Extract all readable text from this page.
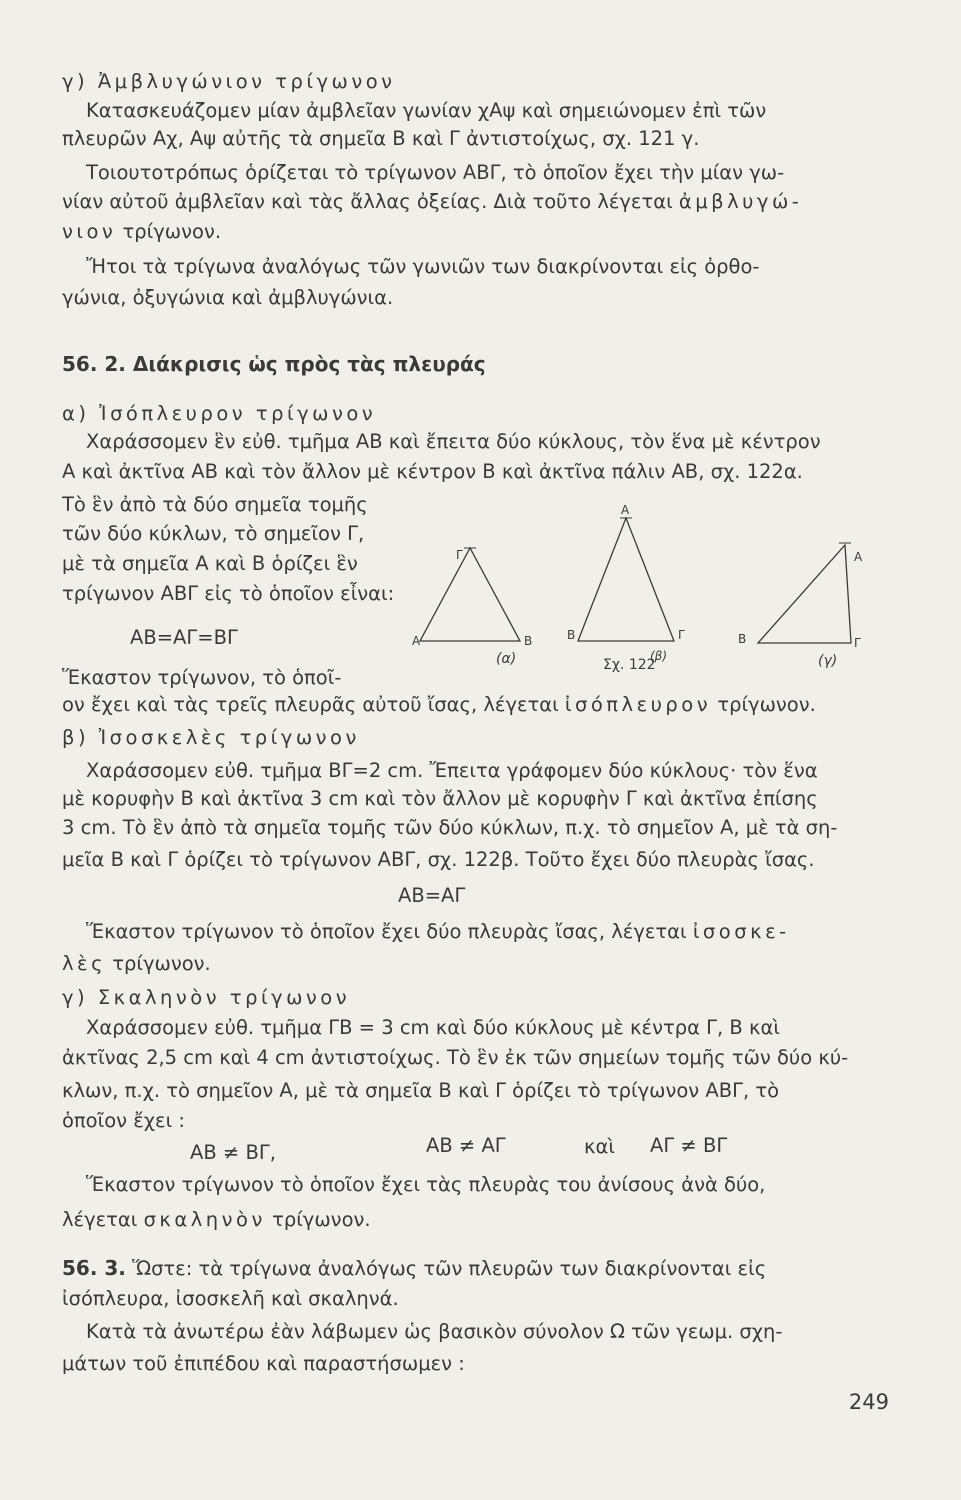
γ) Ἀμβλυγώνιον τρίγωνον
Κατασκευάζομεν μίαν ἀμβλεῖαν γωνίαν χΑψ καὶ σημειώνομεν ἐπὶ τῶν
πλευρῶν Αχ, Αψ αὐτῆς τὰ σημεῖα Β καὶ Γ ἀντιστοίχως, σχ. 121 γ.
Τοιουτοτρόπως ὁρίζεται τὸ τρίγωνον ΑΒΓ, τὸ ὁποῖον ἔχει τὴν μίαν γω-
νίαν αὐτοῦ ἀμβλεῖαν καὶ τὰς ἄλλας ὀξείας. Διὰ τοῦτο λέγεται ἀμβλυγώ-
νιον τρίγωνον.
Ἤτοι τὰ τρίγωνα ἀναλόγως τῶν γωνιῶν των διακρίνονται εἰς ὀρθο-
γώνια, ὀξυγώνια καὶ ἀμβλυγώνια.
56. 2. Διάκρισις ὡς πρὸς τὰς πλευράς
α) Ἰσόπλευρον τρίγωνον
Χαράσσομεν ἓν εὐθ. τμῆμα ΑΒ καὶ ἔπειτα δύο κύκλους, τὸν ἕνα μὲ κέντρον
Α καὶ ἀκτῖνα ΑΒ καὶ τὸν ἄλλον μὲ κέντρον Β καὶ ἀκτῖνα πάλιν ΑΒ, σχ. 122α.
Τὸ ἓν ἀπὸ τὰ δύο σημεῖα τομῆς
τῶν δύο κύκλων, τὸ σημεῖον Γ,
μὲ τὰ σημεῖα Α καὶ Β ὁρίζει ἓν
τρίγωνον ΑΒΓ εἰς τὸ ὁποῖον εἶναι:
ΑΒ=ΑΓ=ΒΓ
Ἕκαστον τρίγωνον, τὸ ὁποῖ-
ον ἔχει καὶ τὰς τρεῖς πλευρᾶς αὐτοῦ ἴσας, λέγεται ἰσόπλευρον τρίγωνον.
Α	Β
Γ
(α)
Α
Β	Γ
Σχ. 122
(β)
Α
Β	Γ
(γ)
β) Ἰσοσκελὲς τρίγωνον
Χαράσσομεν εὐθ. τμῆμα ΒΓ=2 cm. Ἔπειτα γράφομεν δύο κύκλους· τὸν ἕνα
μὲ κορυφὴν Β καὶ ἀκτῖνα 3 cm καὶ τὸν ἄλλον μὲ κορυφὴν Γ καὶ ἀκτῖνα ἐπίσης
3 cm. Τὸ ἓν ἀπὸ τὰ σημεῖα τομῆς τῶν δύο κύκλων, π.χ. τὸ σημεῖον Α, μὲ τὰ ση-
μεῖα Β καὶ Γ ὁρίζει τὸ τρίγωνον ΑΒΓ, σχ. 122β. Τοῦτο ἔχει δύο πλευρὰς ἴσας.
ΑΒ=ΑΓ
Ἕκαστον τρίγωνον τὸ ὁποῖον ἔχει δύο πλευρὰς ἴσας, λέγεται ἰσοσκε-
λὲς τρίγωνον.
γ) Σκαληνὸν τρίγωνον
Χαράσσομεν εὐθ. τμῆμα ΓΒ = 3 cm καὶ δύο κύκλους μὲ κέντρα Γ, Β καὶ
ἀκτῖνας 2,5 cm καὶ 4 cm ἀντιστοίχως. Τὸ ἓν ἐκ τῶν σημείων τομῆς τῶν δύο κύ-
κλων, π.χ. τὸ σημεῖον Α, μὲ τὰ σημεῖα Β καὶ Γ ὁρίζει τὸ τρίγωνον ΑΒΓ, τὸ
ὁποῖον ἔχει :
ΑΒ ≠ ΒΓ,	ΑΒ ≠ ΑΓ	καὶ ΑΓ ≠ ΒΓ
Ἕκαστον τρίγωνον τὸ ὁποῖον ἔχει τὰς πλευρὰς του ἀνίσους ἀνὰ δύο,
λέγεται σκαληνὸν τρίγωνον.
56. 3. Ὥστε: τὰ τρίγωνα ἀναλόγως τῶν πλευρῶν των διακρίνονται εἰς
ἰσόπλευρα, ἰσοσκελῆ καὶ σκαληνά.
Κατὰ τὰ ἀνωτέρω ἐὰν λάβωμεν ὡς βασικὸν σύνολον Ω τῶν γεωμ. σχη-
μάτων τοῦ ἐπιπέδου καὶ παραστήσωμεν :
249
